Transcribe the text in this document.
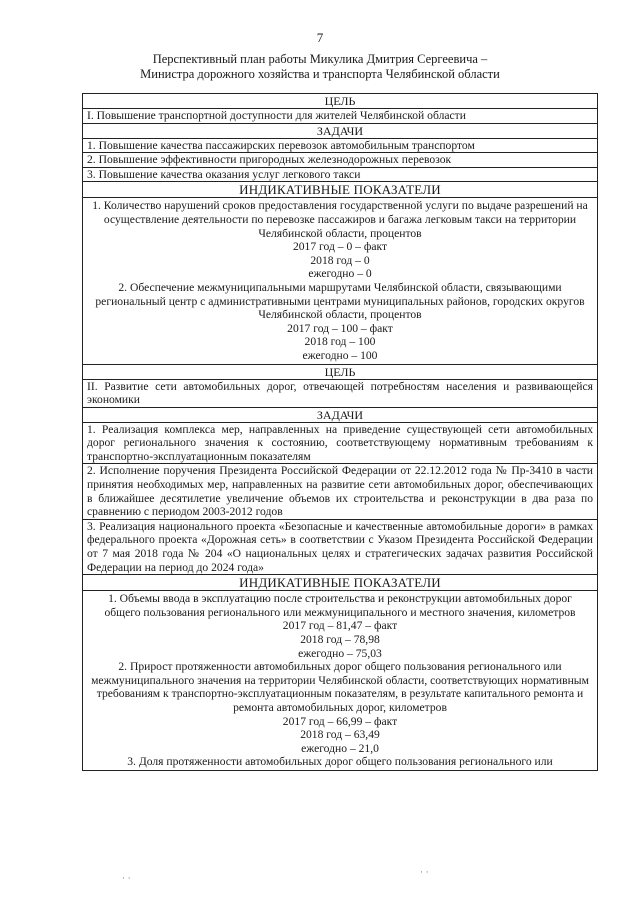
7
Перспективный план работы Микулика Дмитрия Сергеевича –
Министра дорожного хозяйства и транспорта Челябинской области
ЦЕЛЬ
I. Повышение транспортной доступности для жителей Челябинской области
ЗАДАЧИ
1. Повышение качества пассажирских перевозок автомобильным транспортом
2. Повышение эффективности пригородных железнодорожных перевозок
3. Повышение качества оказания услуг легкового такси
ИНДИКАТИВНЫЕ ПОКАЗАТЕЛИ

1. Количество нарушений сроков предоставления государственной услуги по выдаче разрешений на осуществление деятельности по перевозке пассажиров и багажа легковым такси на территории Челябинской области, процентов
2017 год – 0 – факт
2018 год – 0
ежегодно – 0
2. Обеспечение межмуниципальными маршрутами Челябинской области, связывающими региональный центр с административными центрами муниципальных районов, городских округов Челябинской области, процентов
2017 год – 100 – факт
2018 год – 100
ежегодно – 100

ЦЕЛЬ
II. Развитие сети автомобильных дорог, отвечающей потребностям населения и развивающейся экономики
ЗАДАЧИ
1. Реализация комплекса мер, направленных на приведение существующей сети автомобильных дорог регионального значения к состоянию, соответствующему нормативным требованиям к транспортно-эксплуатационным показателям
2. Исполнение поручения Президента Российской Федерации от 22.12.2012 года № Пр-3410 в части принятия необходимых мер, направленных на развитие сети автомобильных дорог, обеспечивающих в ближайшее десятилетие увеличение объемов их строительства и реконструкции в два раза по сравнению с периодом 2003-2012 годов
3. Реализация национального проекта «Безопасные и качественные автомобильные дороги» в рамках федерального проекта «Дорожная сеть» в соответствии с Указом Президента Российской Федерации от 7 мая 2018 года № 204 «О национальных целях и стратегических задачах развития Российской Федерации на период до 2024 года»
ИНДИКАТИВНЫЕ ПОКАЗАТЕЛИ

1. Объемы ввода в эксплуатацию после строительства и реконструкции автомобильных дорог общего пользования регионального или межмуниципального и местного значения, километров
2017 год – 81,47 – факт
2018 год – 78,98
ежегодно – 75,03
2. Прирост протяженности автомобильных дорог общего пользования регионального или межмуниципального значения на территории Челябинской области, соответствующих нормативным требованиям к транспортно-эксплуатационным показателям, в результате капитального ремонта и ремонта автомобильных дорог, километров
2017 год – 66,99 – факт
2018 год – 63,49
ежегодно – 21,0
3. Доля протяженности автомобильных дорог общего пользования регионального или
· ·
· ·
